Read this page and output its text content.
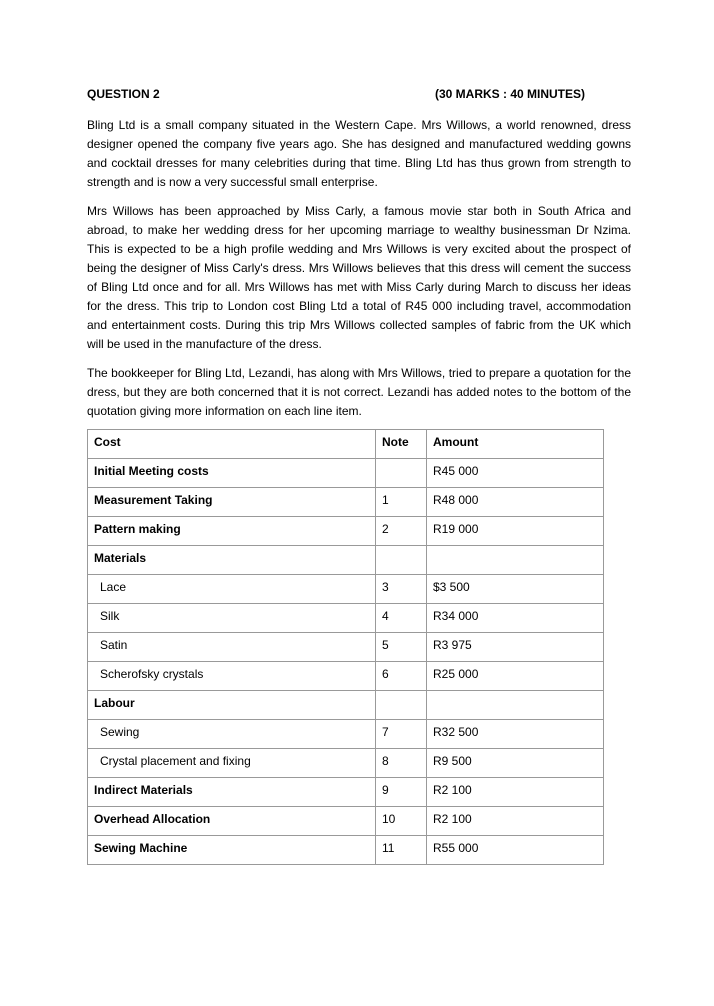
QUESTION 2	(30 MARKS : 40 MINUTES)

Bling Ltd is a small company situated in the Western Cape. Mrs Willows, a world renowned, dress designer opened the company five years ago. She has designed and manufactured wedding gowns and cocktail dresses for many celebrities during that time. Bling Ltd has thus grown from strength to strength and is now a very successful small enterprise.

Mrs Willows has been approached by Miss Carly, a famous movie star both in South Africa and abroad, to make her wedding dress for her upcoming marriage to wealthy businessman Dr Nzima. This is expected to be a high profile wedding and Mrs Willows is very excited about the prospect of being the designer of Miss Carly's dress. Mrs Willows believes that this dress will cement the success of Bling Ltd once and for all. Mrs Willows has met with Miss Carly during March to discuss her ideas for the dress. This trip to London cost Bling Ltd a total of R45 000 including travel, accommodation and entertainment costs. During this trip Mrs Willows collected samples of fabric from the UK which will be used in the manufacture of the dress.

The bookkeeper for Bling Ltd, Lezandi, has along with Mrs Willows, tried to prepare a quotation for the dress, but they are both concerned that it is not correct. Lezandi has added notes to the bottom of the quotation giving more information on each line item.

Cost	Note	Amount
Initial Meeting costs		R45 000
Measurement Taking	1	R48 000
Pattern making	2	R19 000
Materials		
Lace	3	$3 500
Silk	4	R34 000
Satin	5	R3 975
Scherofsky crystals	6	R25 000
Labour		
Sewing	7	R32 500
Crystal placement and fixing	8	R9 500
Indirect Materials	9	R2 100
Overhead Allocation	10	R2 100
Sewing Machine	11	R55 000
